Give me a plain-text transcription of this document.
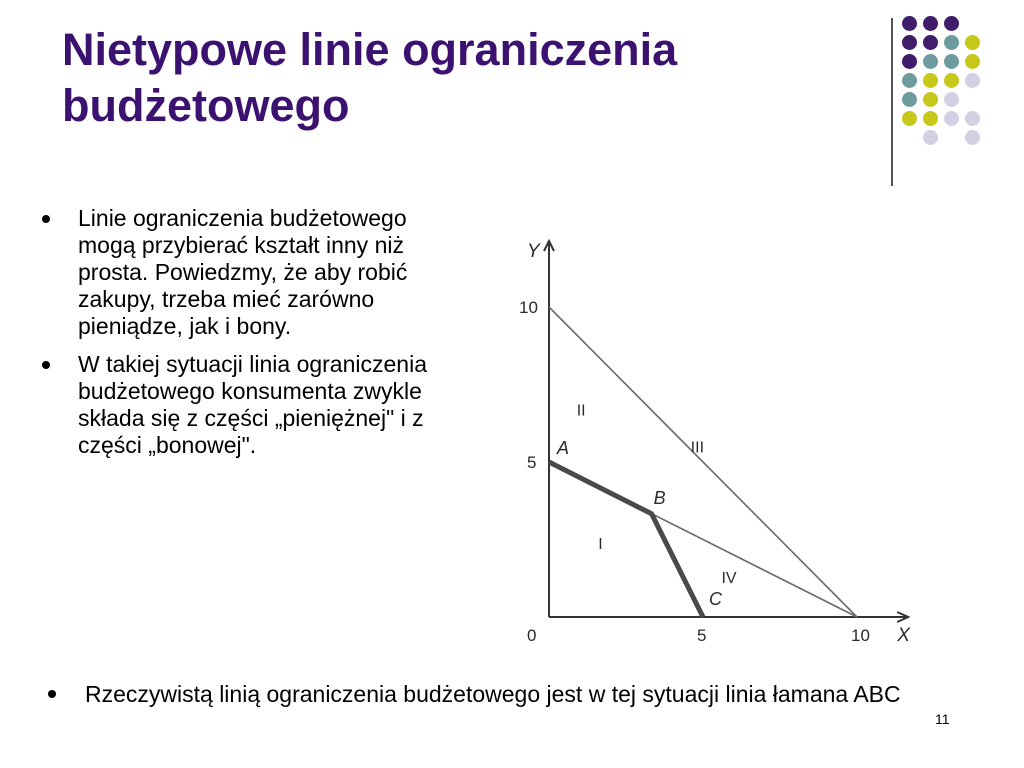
Nietypowe linie ograniczenia
budżetowego
Linie ograniczenia budżetowego mogą przybierać kształt inny niż prosta. Powiedzmy, że aby robić zakupy, trzeba mieć zarówno pieniądze, jak i bony.
W takiej sytuacji linia ograniczenia budżetowego konsumenta zwykle składa się z części „pieniężnej" i z części „bonowej".
X
Y
0	5	10
5
10
A
B
C
I
II
III
IV
Rzeczywistą linią ograniczenia budżetowego jest w tej sytuacji linia łamana ABC
11
